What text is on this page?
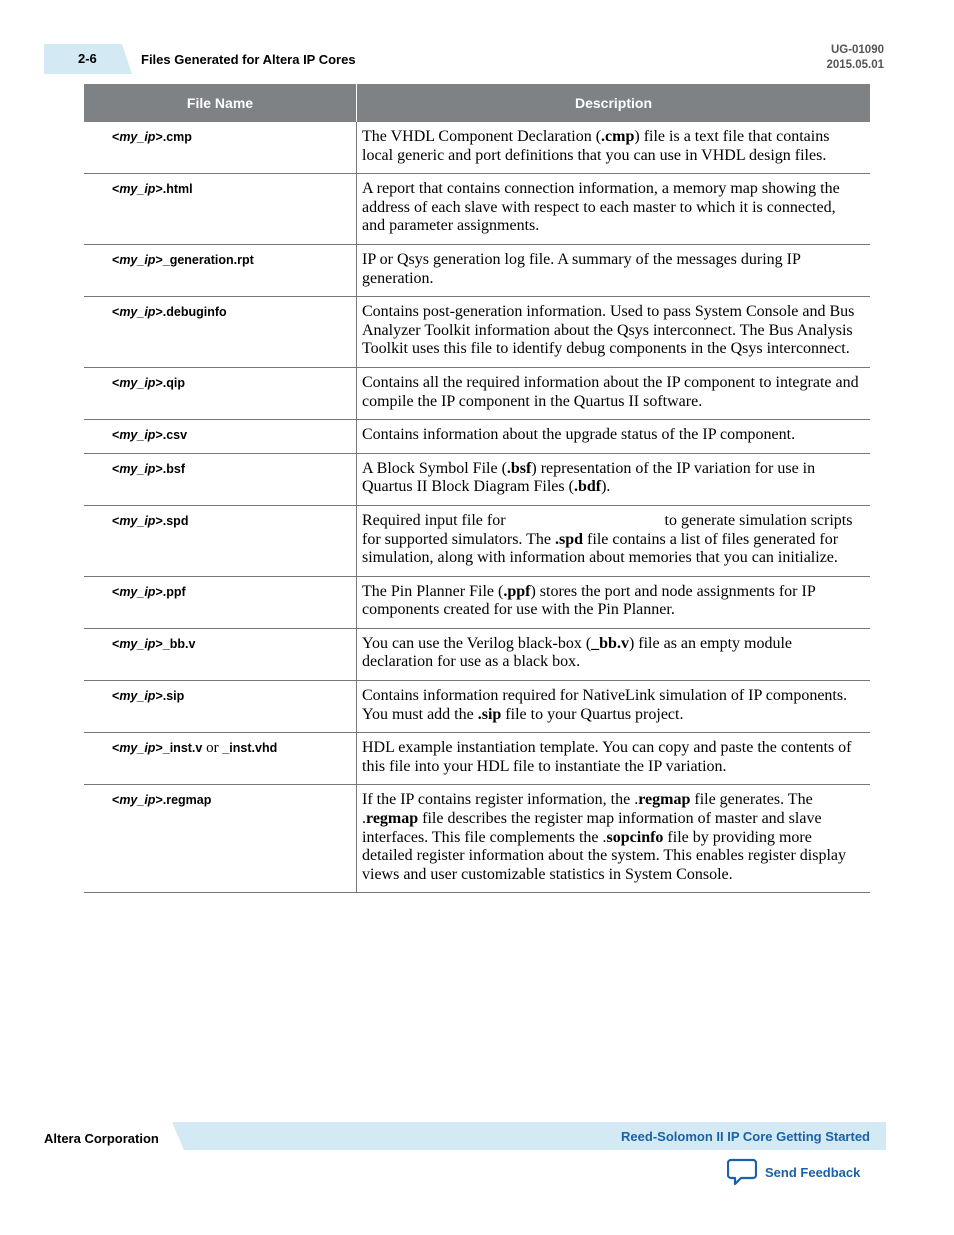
2-6	Files Generated for Altera IP Cores
UG-01090
2015.05.01
File Name	Description
<my_ip>.cmp	The VHDL Component Declaration (.cmp) file is a text file that contains local generic and port definitions that you can use in VHDL design files.
<my_ip>.html	A report that contains connection information, a memory map showing the address of each slave with respect to each master to which it is connected, and parameter assignments.
<my_ip>_generation.rpt	IP or Qsys generation log file. A summary of the messages during IP generation.
<my_ip>.debuginfo	Contains post-generation information. Used to pass System Console and Bus Analyzer Toolkit information about the Qsys interconnect. The Bus Analysis Toolkit uses this file to identify debug components in the Qsys interconnect.
<my_ip>.qip	Contains all the required information about the IP component to integrate and compile the IP component in the Quartus II software.
<my_ip>.csv	Contains information about the upgrade status of the IP component.
<my_ip>.bsf	A Block Symbol File (.bsf) representation of the IP variation for use in Quartus II Block Diagram Files (.bdf).
<my_ip>.spd	Required input file for to generate simulation scripts for supported simulators. The .spd file contains a list of files generated for simulation, along with information about memories that you can initialize.
<my_ip>.ppf	The Pin Planner File (.ppf) stores the port and node assignments for IP components created for use with the Pin Planner.
<my_ip>_bb.v	You can use the Verilog black-box (_bb.v) file as an empty module declaration for use as a black box.
<my_ip>.sip	Contains information required for NativeLink simulation of IP components. You must add the .sip file to your Quartus project.
<my_ip>_inst.v or _inst.vhd	HDL example instantiation template. You can copy and paste the contents of this file into your HDL file to instantiate the IP variation.
<my_ip>.regmap	If the IP contains register information, the .regmap file generates. The .regmap file describes the register map information of master and slave interfaces. This file complements the .sopcinfo file by providing more detailed register information about the system. This enables register display views and user customizable statistics in System Console.
Altera Corporation	Reed-Solomon II IP Core Getting Started
Send Feedback
